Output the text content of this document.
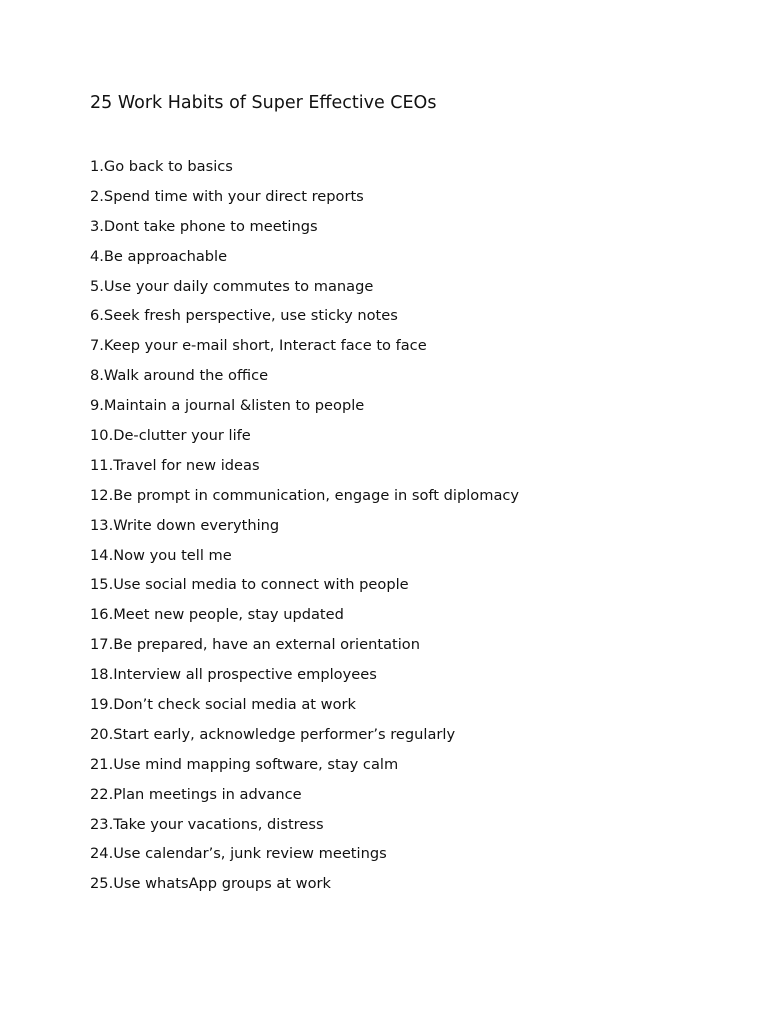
25 Work Habits of Super Effective CEOs
1.Go back to basics
2.Spend time with your direct reports
3.Dont take phone to meetings
4.Be approachable
5.Use your daily commutes to manage
6.Seek fresh perspective, use sticky notes
7.Keep your e-mail short, Interact face to face
8.Walk around the office
9.Maintain a journal &listen to people
10.De-clutter your life
11.Travel for new ideas
12.Be prompt in communication, engage in soft diplomacy
13.Write down everything
14.Now you tell me
15.Use social media to connect with people
16.Meet new people, stay updated
17.Be prepared, have an external orientation
18.Interview all prospective employees
19.Don’t check social media at work
20.Start early, acknowledge performer’s regularly
21.Use mind mapping software, stay calm
22.Plan meetings in advance
23.Take your vacations, distress
24.Use calendar’s, junk review meetings
25.Use whatsApp groups at work
